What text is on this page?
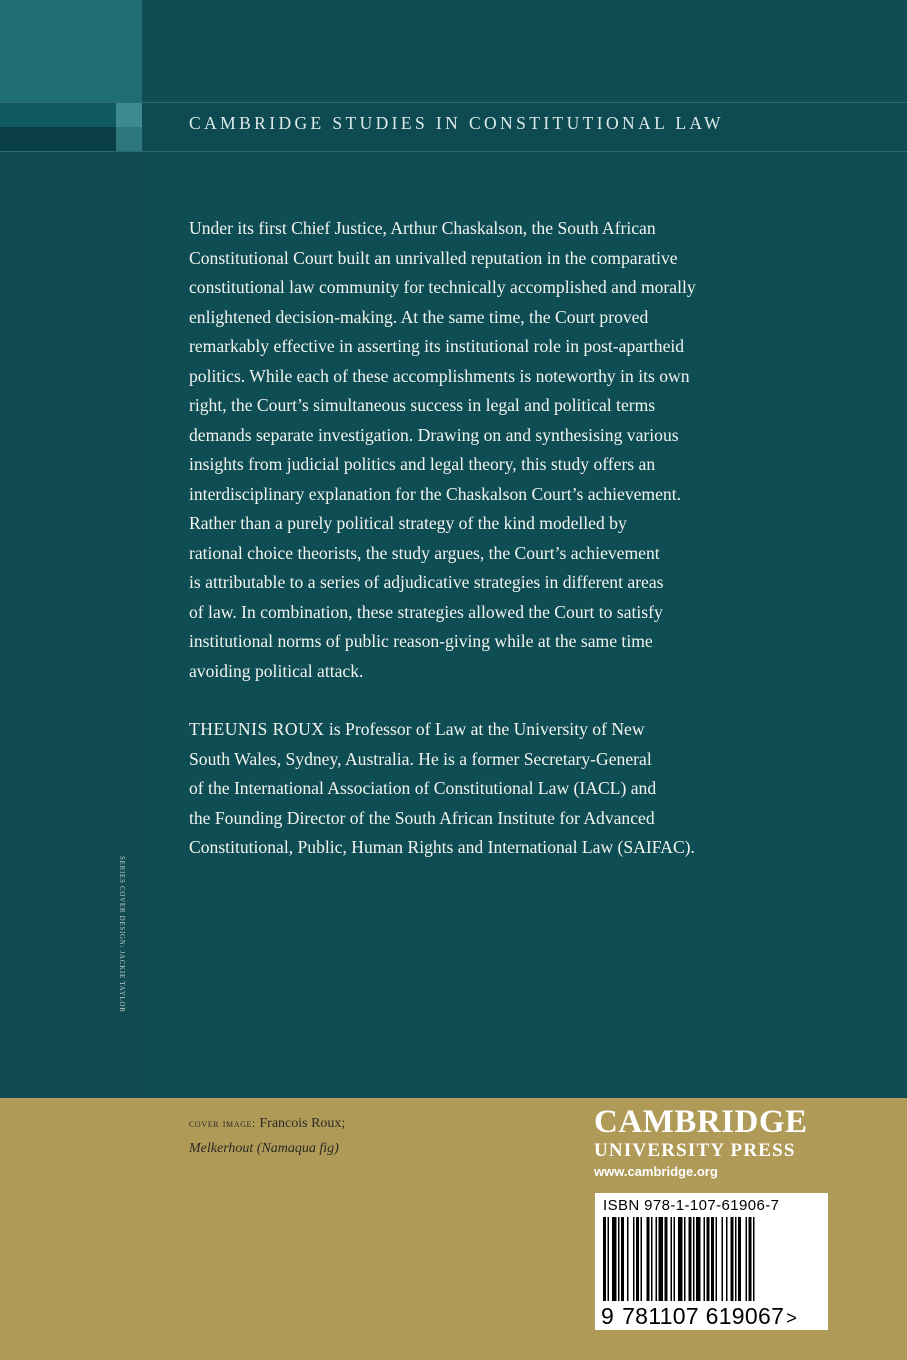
CAMBRIDGE STUDIES IN CONSTITUTIONAL LAW

Under its first Chief Justice, Arthur Chaskalson, the South African
Constitutional Court built an unrivalled reputation in the comparative
constitutional law community for technically accomplished and morally
enlightened decision-making. At the same time, the Court proved
remarkably effective in asserting its institutional role in post-apartheid
politics. While each of these accomplishments is noteworthy in its own
right, the Court’s simultaneous success in legal and political terms
demands separate investigation. Drawing on and synthesising various
insights from judicial politics and legal theory, this study offers an
interdisciplinary explanation for the Chaskalson Court’s achievement.
Rather than a purely political strategy of the kind modelled by
rational choice theorists, the study argues, the Court’s achievement
is attributable to a series of adjudicative strategies in different areas
of law. In combination, these strategies allowed the Court to satisfy
institutional norms of public reason-giving while at the same time
avoiding political attack.

THEUNIS ROUX is Professor of Law at the University of New
South Wales, Sydney, Australia. He is a former Secretary-General
of the International Association of Constitutional Law (IACL) and
the Founding Director of the South African Institute for Advanced
Constitutional, Public, Human Rights and International Law (SAIFAC).

SERIES COVER DESIGN: JACKIE TAYLOR
cover image: Francois Roux;
Melkerhout (Namaqua fig)
CAMBRIDGE
UNIVERSITY PRESS
www.cambridge.org
ISBN 978-1-107-61906-7
9 781107 619067 >
